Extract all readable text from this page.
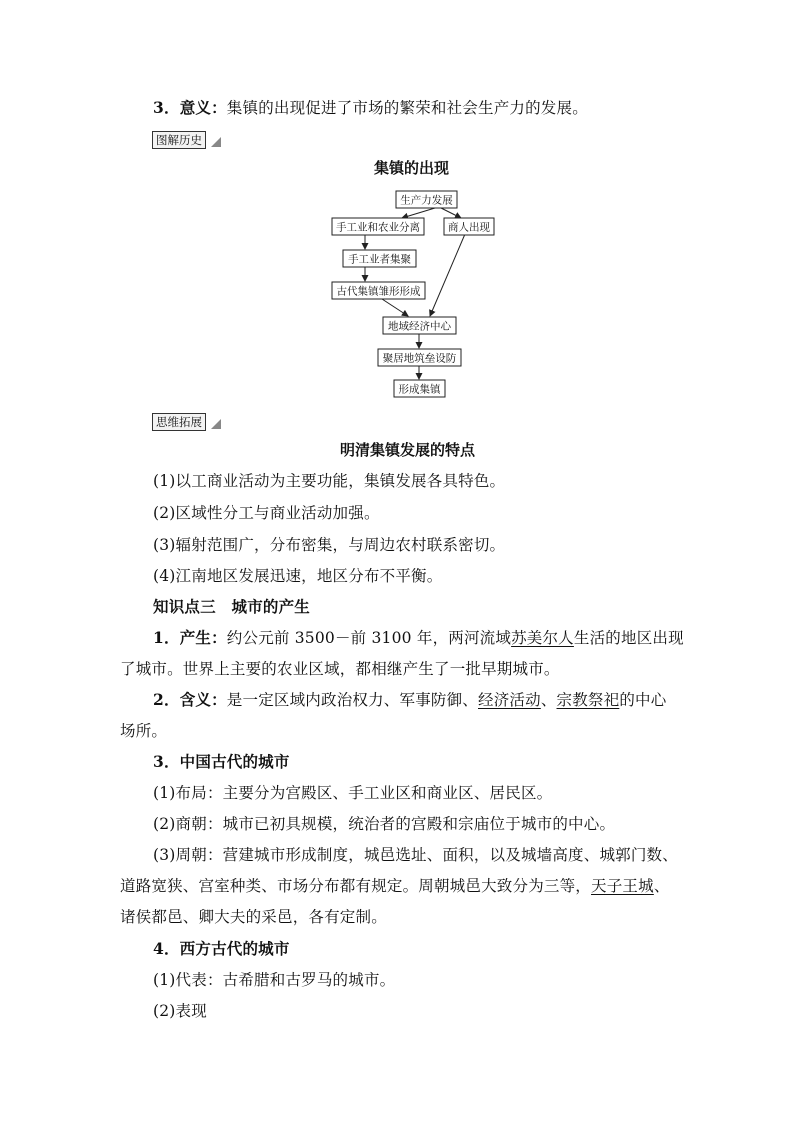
3．意义：集镇的出现促进了市场的繁荣和社会生产力的发展。
图解历史
集镇的出现
生产力发展
手工业和农业分离	商人出现
手工业者集聚
古代集镇雏形形成
地域经济中心
聚居地筑垒设防
形成集镇
思维拓展
明清集镇发展的特点
(1)以工商业活动为主要功能，集镇发展各具特色。
(2)区域性分工与商业活动加强。
(3)辐射范围广，分布密集，与周边农村联系密切。
(4)江南地区发展迅速，地区分布不平衡。
知识点三　城市的产生
1．产生：约公元前 3500－前 3100 年，两河流域苏美尔人生活的地区出现
了城市。世界上主要的农业区域，都相继产生了一批早期城市。
2．含义：是一定区域内政治权力、军事防御、经济活动、宗教祭祀的中心
场所。
3．中国古代的城市
(1)布局：主要分为宫殿区、手工业区和商业区、居民区。
(2)商朝：城市已初具规模，统治者的宫殿和宗庙位于城市的中心。
(3)周朝：营建城市形成制度，城邑选址、面积，以及城墙高度、城郭门数、
道路宽狭、宫室种类、市场分布都有规定。周朝城邑大致分为三等，天子王城、
诸侯都邑、卿大夫的采邑，各有定制。
4．西方古代的城市
(1)代表：古希腊和古罗马的城市。
(2)表现
